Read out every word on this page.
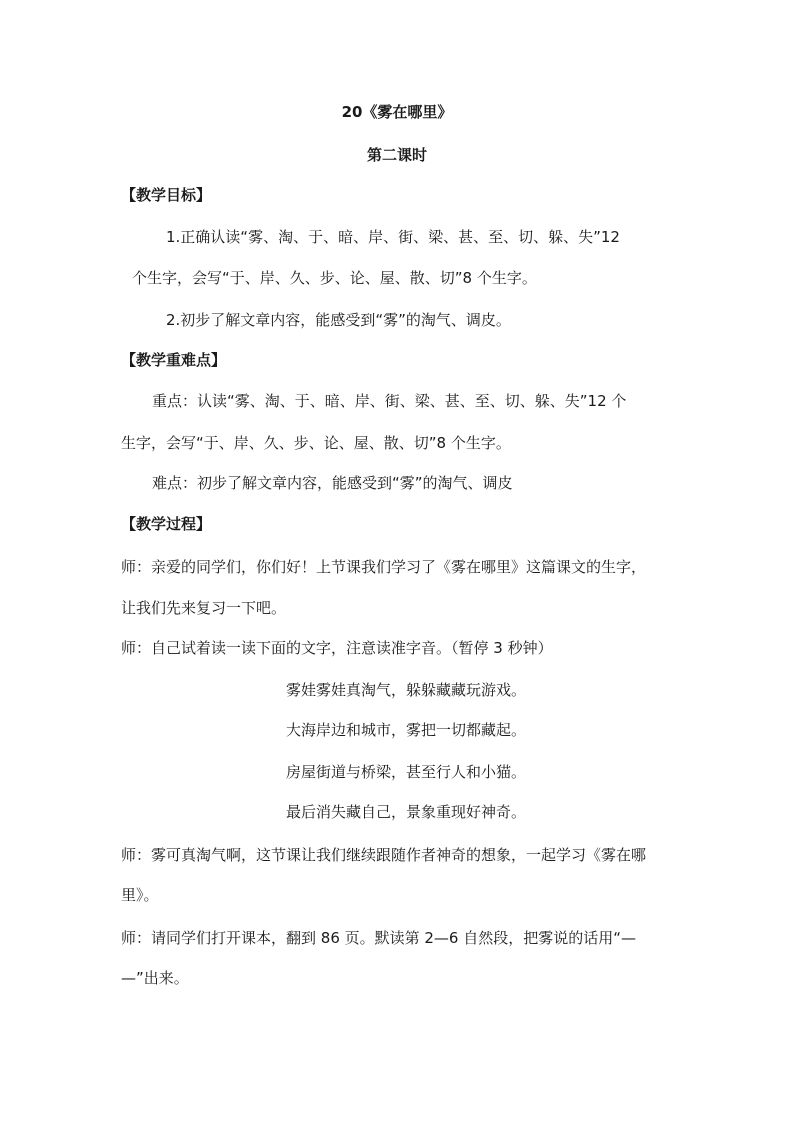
20《雾在哪里》
第二课时
【教学目标】
1.正确认读“雾、淘、于、暗、岸、街、梁、甚、至、切、躲、失”12
个生字，会写“于、岸、久、步、论、屋、散、切”8 个生字。
2.初步了解文章内容，能感受到“雾”的淘气、调皮。
【教学重难点】
重点：认读“雾、淘、于、暗、岸、街、梁、甚、至、切、躲、失”12 个
生字，会写“于、岸、久、步、论、屋、散、切”8 个生字。
难点：初步了解文章内容，能感受到“雾”的淘气、调皮
【教学过程】
师：亲爱的同学们，你们好！上节课我们学习了《雾在哪里》这篇课文的生字，
让我们先来复习一下吧。
师：自己试着读一读下面的文字，注意读准字音。（暂停 3 秒钟）
雾娃雾娃真淘气，躲躲藏藏玩游戏。
大海岸边和城市，雾把一切都藏起。
房屋街道与桥梁，甚至行人和小猫。
最后消失藏自己，景象重现好神奇。
师：雾可真淘气啊，这节课让我们继续跟随作者神奇的想象，一起学习《雾在哪
里》。
师：请同学们打开课本，翻到 86 页。默读第 2—6 自然段，把雾说的话用“—
—”出来。
